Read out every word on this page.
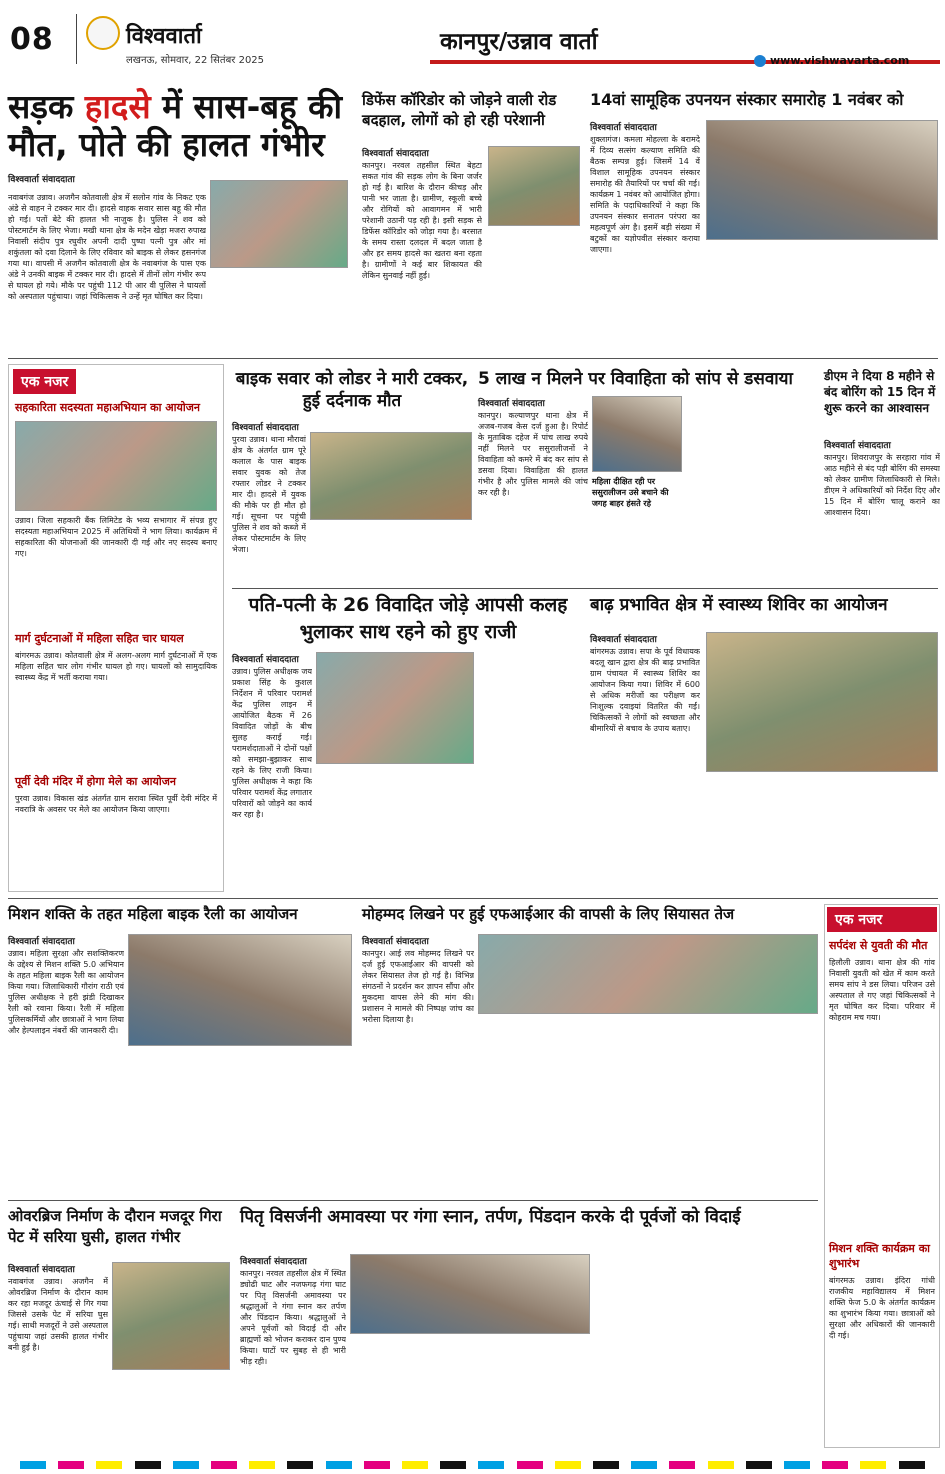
08	विश्ववार्ता
लखनऊ, सोमवार, 22 सितंबर 2025
कानपुर/उन्नाव वार्ता
www.vishwavarta.com
सड़क हादसे में सास-बहू की मौत, पोते की हालत गंभीर
विश्ववार्ता संवाददाता
नवाबगंज उन्नाव। अजगैन कोतवाली क्षेत्र में सलोन गांव के निकट एक अंडे से वाहन ने टक्कर मार दी। हादसे वाहक सवार सास बहू की मौत हो गई। पतों बेटे की हालत भी नाजुक है। पुलिस ने शव को पोस्टमार्टम के लिए भेजा। मखी थाना क्षेत्र के मदेन खेड़ा मजरा रुपाख निवासी संदीप पुत्र रघुवीर अपनी दादी पुष्पा पत्नी पुत्र और मां शकुंतला को दवा दिलाने के लिए रविवार को बाइक से लेकर हसनगंज गया था। वापसी में अजगैन कोतवाली क्षेत्र के नवाबगंज के पास एक अंडे ने उनकी बाइक में टक्कर मार दी। हादसे में तीनों लोग गंभीर रूप से घायल हो गये। मौके पर पहुंची 112 पी आर वी पुलिस ने घायलों को अस्पताल पहुंचाया। जहां चिकित्सक ने उन्हें मृत घोषित कर दिया।
डिफेंस कॉरिडोर को जोड़ने वाली रोड बदहाल, लोगों को हो रही परेशानी
विश्ववार्ता संवाददाता
कानपुर। नरवल तहसील स्थित बेहटा सकत गांव की सड़क लोग के बिना जर्जर हो गई है। बारिश के दौरान कीचड़ और पानी भर जाता है। ग्रामीण, स्कूली बच्चे और रोगियों को आवागमन में भारी परेशानी उठानी पड़ रही है। इसी सड़क से डिफेंस कॉरिडोर को जोड़ा गया है। बरसात के समय रास्ता दलदल में बदल जाता है और हर समय हादसे का खतरा बना रहता है। ग्रामीणों ने कई बार शिकायत की लेकिन सुनवाई नहीं हुई।
14वां सामूहिक उपनयन संस्कार समारोह 1 नवंबर को
विश्ववार्ता संवाददाता
शुक्लागंज। कमला मोहल्ला के बरामदे में दिव्य सत्संग कल्याण समिति की बैठक सम्पन्न हुई। जिसमें 14 वें विशाल सामूहिक उपनयन संस्कार समारोह की तैयारियों पर चर्चा की गई। कार्यक्रम 1 नवंबर को आयोजित होगा। समिति के पदाधिकारियों ने कहा कि उपनयन संस्कार सनातन परंपरा का महत्वपूर्ण अंग है। इसमें बड़ी संख्या में बटुकों का यज्ञोपवीत संस्कार कराया जाएगा।
एक नजर
सहकारिता सदस्यता महाअभियान का आयोजन
उन्नाव। जिला सहकारी बैंक लिमिटेड के भव्य सभागार में संपन्न हुए सदस्यता महाअभियान 2025 में अतिथियों ने भाग लिया। कार्यक्रम में सहकारिता की योजनाओं की जानकारी दी गई और नए सदस्य बनाए गए।
मार्ग दुर्घटनाओं में महिला सहित चार घायल
बांगरमऊ उन्नाव। कोतवाली क्षेत्र में अलग-अलग मार्ग दुर्घटनाओं में एक महिला सहित चार लोग गंभीर घायल हो गए। घायलों को सामुदायिक स्वास्थ्य केंद्र में भर्ती कराया गया।
पूर्वी देवी मंदिर में होगा मेले का आयोजन
पुरवा उन्नाव। विकास खंड अंतर्गत ग्राम सरावा स्थित पूर्वी देवी मंदिर में नवरात्रि के अवसर पर मेले का आयोजन किया जाएगा।
बाइक सवार को लोडर ने मारी टक्कर, हुई दर्दनाक मौत
विश्ववार्ता संवाददाता
पुरवा उन्नाव। थाना मौरावां क्षेत्र के अंतर्गत ग्राम पूरे कलाल के पास बाइक सवार युवक को तेज रफ्तार लोडर ने टक्कर मार दी। हादसे में युवक की मौके पर ही मौत हो गई। सूचना पर पहुंची पुलिस ने शव को कब्जे में लेकर पोस्टमार्टम के लिए भेजा।
5 लाख न मिलने पर विवाहिता को सांप से डसवाया
विश्ववार्ता संवाददाता
कानपुर। कल्याणपुर थाना क्षेत्र में अजब-गजब केस दर्ज हुआ है। रिपोर्ट के मुताबिक दहेज में पांच लाख रुपये नहीं मिलने पर ससुरालीजनों ने विवाहिता को कमरे में बंद कर सांप से डसवा दिया। विवाहिता की हालत गंभीर है और पुलिस मामले की जांच कर रही है।
महिला दीक्षित रही पर ससुरालीजन उसे बचाने की जगह बाहर हंसते रहे
डीएम ने दिया 8 महीने से बंद बोरिंग को 15 दिन में शुरू करने का आश्वासन
विश्ववार्ता संवाददाता
कानपुर। शिवराजपुर के सरहारा गांव में आठ महीने से बंद पड़ी बोरिंग की समस्या को लेकर ग्रामीण जिलाधिकारी से मिले। डीएम ने अधिकारियों को निर्देश दिए और 15 दिन में बोरिंग चालू कराने का आश्वासन दिया।
पति-पत्नी के 26 विवादित जोड़े आपसी कलह भुलाकर साथ रहने को हुए राजी
विश्ववार्ता संवाददाता
उन्नाव। पुलिस अधीक्षक जय प्रकाश सिंह के कुशल निर्देशन में परिवार परामर्श केंद्र पुलिस लाइन में आयोजित बैठक में 26 विवादित जोड़ों के बीच सुलह कराई गई। परामर्शदाताओं ने दोनों पक्षों को समझा-बुझाकर साथ रहने के लिए राजी किया। पुलिस अधीक्षक ने कहा कि परिवार परामर्श केंद्र लगातार परिवारों को जोड़ने का कार्य कर रहा है।
बाढ़ प्रभावित क्षेत्र में स्वास्थ्य शिविर का आयोजन
विश्ववार्ता संवाददाता
बांगरमऊ उन्नाव। सपा के पूर्व विधायक बदलू खान द्वारा क्षेत्र की बाढ़ प्रभावित ग्राम पंचायत में स्वास्थ्य शिविर का आयोजन किया गया। शिविर में 600 से अधिक मरीजों का परीक्षण कर निःशुल्क दवाइयां वितरित की गईं। चिकित्सकों ने लोगों को स्वच्छता और बीमारियों से बचाव के उपाय बताए।
मिशन शक्ति के तहत महिला बाइक रैली का आयोजन
विश्ववार्ता संवाददाता
उन्नाव। महिला सुरक्षा और सशक्तिकरण के उद्देश्य से मिशन शक्ति 5.0 अभियान के तहत महिला बाइक रैली का आयोजन किया गया। जिलाधिकारी गौरांग राठी एवं पुलिस अधीक्षक ने हरी झंडी दिखाकर रैली को रवाना किया। रैली में महिला पुलिसकर्मियों और छात्राओं ने भाग लिया और हेल्पलाइन नंबरों की जानकारी दी।
मोहम्मद लिखने पर हुई एफआईआर की वापसी के लिए सियासत तेज
विश्ववार्ता संवाददाता
कानपुर। आई लव मोहम्मद लिखने पर दर्ज हुई एफआईआर की वापसी को लेकर सियासत तेज हो गई है। विभिन्न संगठनों ने प्रदर्शन कर ज्ञापन सौंपा और मुकदमा वापस लेने की मांग की। प्रशासन ने मामले की निष्पक्ष जांच का भरोसा दिलाया है।
एक नजर
सर्पदंश से युवती की मौत
हिलौली उन्नाव। थाना क्षेत्र की गांव निवासी युवती को खेत में काम करते समय सांप ने डस लिया। परिजन उसे अस्पताल ले गए जहां चिकित्सकों ने मृत घोषित कर दिया। परिवार में कोहराम मच गया।
मिशन शक्ति कार्यक्रम का शुभारंभ
बांगरमऊ उन्नाव। इंदिरा गांधी राजकीय महाविद्यालय में मिशन शक्ति फेज 5.0 के अंतर्गत कार्यक्रम का शुभारंभ किया गया। छात्राओं को सुरक्षा और अधिकारों की जानकारी दी गई।
ओवरब्रिज निर्माण के दौरान मजदूर गिरा पेट में सरिया घुसी, हालत गंभीर
विश्ववार्ता संवाददाता
नवाबगंज उन्नाव। अजगैन में ओवरब्रिज निर्माण के दौरान काम कर रहा मजदूर ऊंचाई से गिर गया जिससे उसके पेट में सरिया घुस गई। साथी मजदूरों ने उसे अस्पताल पहुंचाया जहां उसकी हालत गंभीर बनी हुई है।
पितृ विसर्जनी अमावस्या पर गंगा स्नान, तर्पण, पिंडदान करके दी पूर्वजों को विदाई
विश्ववार्ता संवाददाता
कानपुर। नरवल तहसील क्षेत्र में स्थित ड्योढी घाट और नजफगढ़ गंगा घाट पर पितृ विसर्जनी अमावस्या पर श्रद्धालुओं ने गंगा स्नान कर तर्पण और पिंडदान किया। श्रद्धालुओं ने अपने पूर्वजों को विदाई दी और ब्राह्मणों को भोजन कराकर दान पुण्य किया। घाटों पर सुबह से ही भारी भीड़ रही।
